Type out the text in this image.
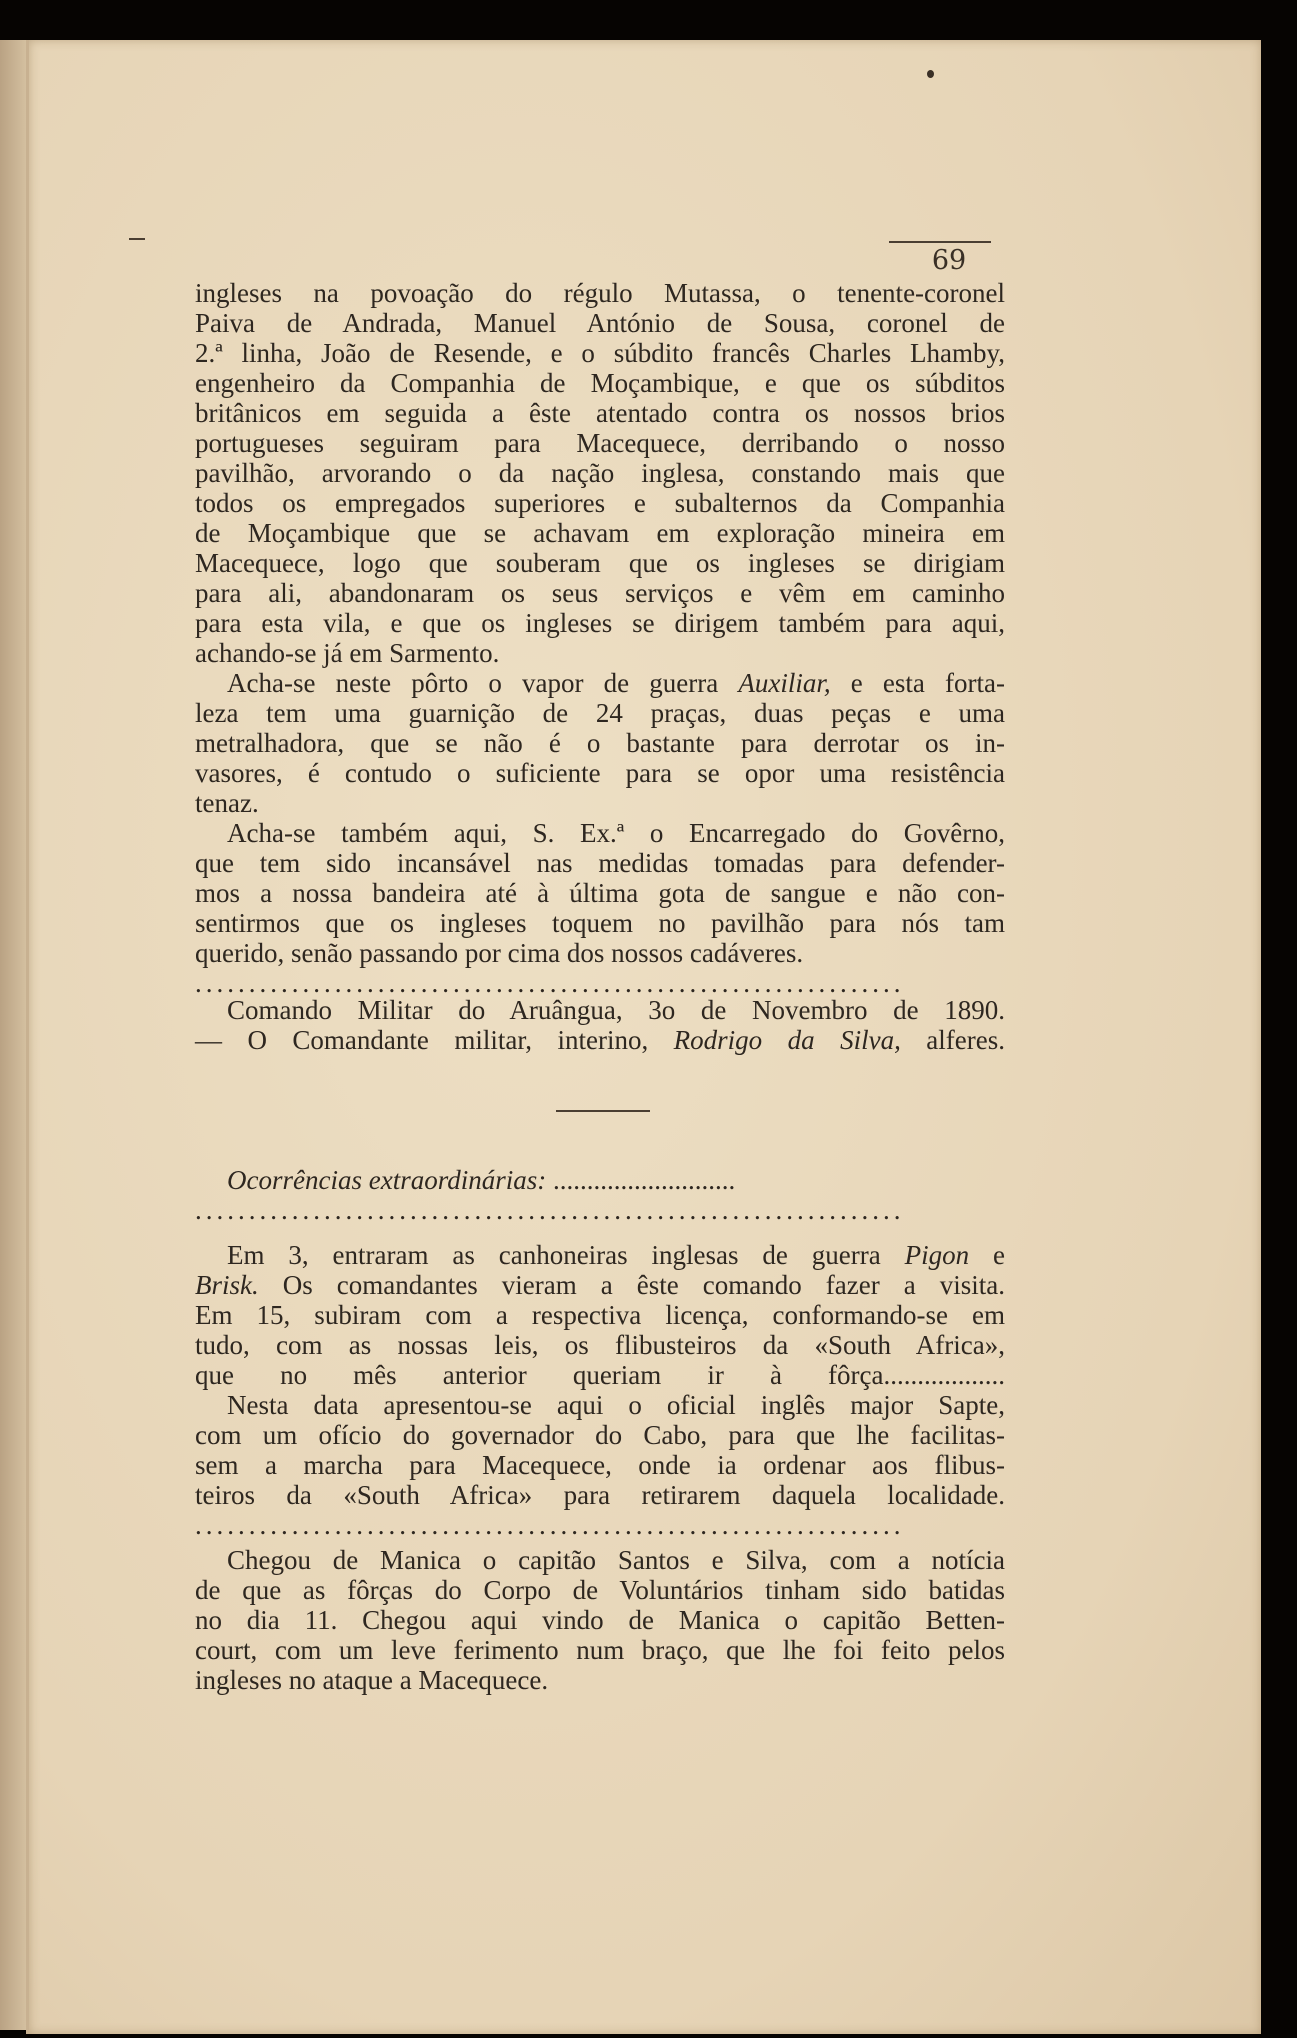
69
ingleses na povoação do régulo Mutassa, o tenente-coronel
Paiva de Andrada, Manuel António de Sousa, coronel de
2.ª linha, João de Resende, e o súbdito francês Charles Lhamby,
engenheiro da Companhia de Moçambique, e que os súbditos
britânicos em seguida a êste atentado contra os nossos brios
portugueses seguiram para Macequece, derribando o nosso
pavilhão, arvorando o da nação inglesa, constando mais que
todos os empregados superiores e subalternos da Companhia
de Moçambique que se achavam em exploração mineira em
Macequece, logo que souberam que os ingleses se dirigiam
para ali, abandonaram os seus serviços e vêm em caminho
para esta vila, e que os ingleses se dirigem também para aqui,
achando-se já em Sarmento.
Acha-se neste pôrto o vapor de guerra Auxiliar, e esta forta-
leza tem uma guarnição de 24 praças, duas peças e uma
metralhadora, que se não é o bastante para derrotar os in-
vasores, é contudo o suficiente para se opor uma resistência
tenaz.
Acha-se também aqui, S. Ex.ª o Encarregado do Govêrno,
que tem sido incansável nas medidas tomadas para defender-
mos a nossa bandeira até à última gota de sangue e não con-
sentirmos que os ingleses toquem no pavilhão para nós tam
querido, senão passando por cima dos nossos cadáveres.
..................................................................
Comando Militar do Aruângua, 3o de Novembro de 1890.
— O Comandante militar, interino, Rodrigo da Silva, alferes.
Ocorrências extraordinárias: ...........................
..................................................................
Em 3, entraram as canhoneiras inglesas de guerra Pigon e
Brisk. Os comandantes vieram a êste comando fazer a visita.
Em 15, subiram com a respectiva licença, conformando-se em
tudo, com as nossas leis, os flibusteiros da «South Africa»,
que no mês anterior queriam ir à fôrça..................
Nesta data apresentou-se aqui o oficial inglês major Sapte,
com um ofício do governador do Cabo, para que lhe facilitas-
sem a marcha para Macequece, onde ia ordenar aos flibus-
teiros da «South Africa» para retirarem daquela localidade.
..................................................................
Chegou de Manica o capitão Santos e Silva, com a notícia
de que as fôrças do Corpo de Voluntários tinham sido batidas
no dia 11. Chegou aqui vindo de Manica o capitão Betten-
court, com um leve ferimento num braço, que lhe foi feito pelos
ingleses no ataque a Macequece.
